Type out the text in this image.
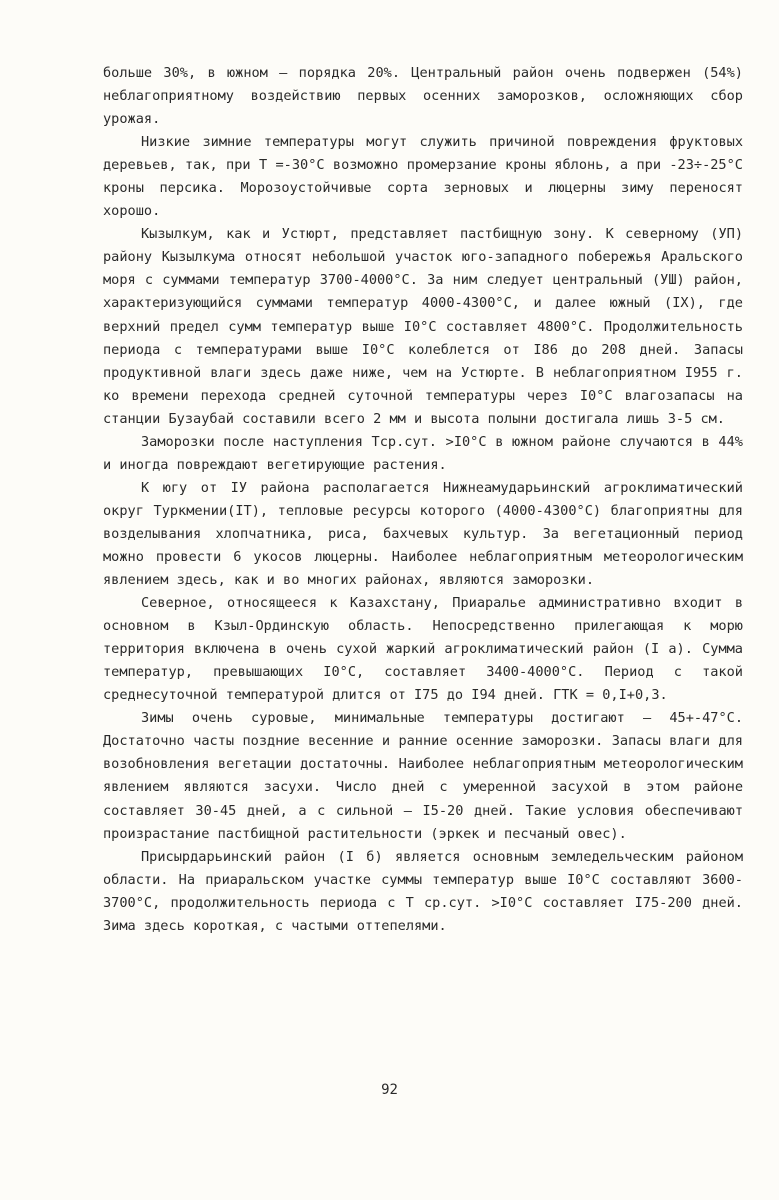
больше 30%, в южном – порядка 20%. Центральный район очень подвержен (54%) неблагоприятному воздействию первых осенних заморозков, осложняющих сбор урожая.

Низкие зимние температуры могут служить причиной повреждения фруктовых деревьев, так, при T =-30°C возможно промерзание кроны яблонь, а при -23÷-25°C кроны персика. Морозоустойчивые сорта зерновых и люцерны зиму переносят хорошо.

Кызылкум, как и Устюрт, представляет пастбищную зону. К северному (УП) району Кызылкума относят небольшой участок юго-западного побережья Аральского моря с суммами температур 3700-4000°C. За ним следует центральный (УШ) район, характеризующийся суммами температур 4000-4300°C, и далее южный (IX), где верхний предел сумм температур выше I0°C составляет 4800°C. Продолжительность периода с температурами выше I0°C колеблется от I86 до 208 дней. Запасы продуктивной влаги здесь даже ниже, чем на Устюрте. В неблагоприятном I955 г. ко времени перехода средней суточной температуры через I0°C влагозапасы на станции Бузаубай составили всего 2 мм и высота полыни достигала лишь 3-5 см.

Заморозки после наступления Tср.сут. >I0°C в южном районе случаются в 44% и иногда повреждают вегетирующие растения.

К югу от IУ района располагается Нижнеамударьинский агроклиматический округ Туркмении(IТ), тепловые ресурсы которого (4000-4300°C) благоприятны для возделывания хлопчатника, риса, бахчевых культур. За вегетационный период можно провести 6 укосов люцерны. Наиболее неблагоприятным метеорологическим явлением здесь, как и во многих районах, являются заморозки.

Северное, относящееся к Казахстану, Приаралье административно входит в основном в Кзыл-Ординскую область. Непосредственно прилегающая к морю территория включена в очень сухой жаркий агроклиматический район (I а). Сумма температур, превышающих I0°C, составляет 3400-4000°C. Период с такой среднесуточной температурой длится от I75 до I94 дней. ГТК = 0,I+0,3.

Зимы очень суровые, минимальные температуры достигают – 45+-47°C. Достаточно часты поздние весенние и ранние осенние заморозки. Запасы влаги для возобновления вегетации достаточны. Наиболее неблагоприятным метеорологическим явлением являются засухи. Число дней с умеренной засухой в этом районе составляет 30-45 дней, а с сильной – I5-20 дней. Такие условия обеспечивают произрастание пастбищной растительности (эркек и песчаный овес).

Присырдарьинский район (I б) является основным земледельческим районом области. На приаральском участке суммы температур выше I0°C составляют 3600-3700°C, продолжительность периода с T ср.сут. >I0°C составляет I75-200 дней. Зима здесь короткая, с частыми оттепелями.

92
